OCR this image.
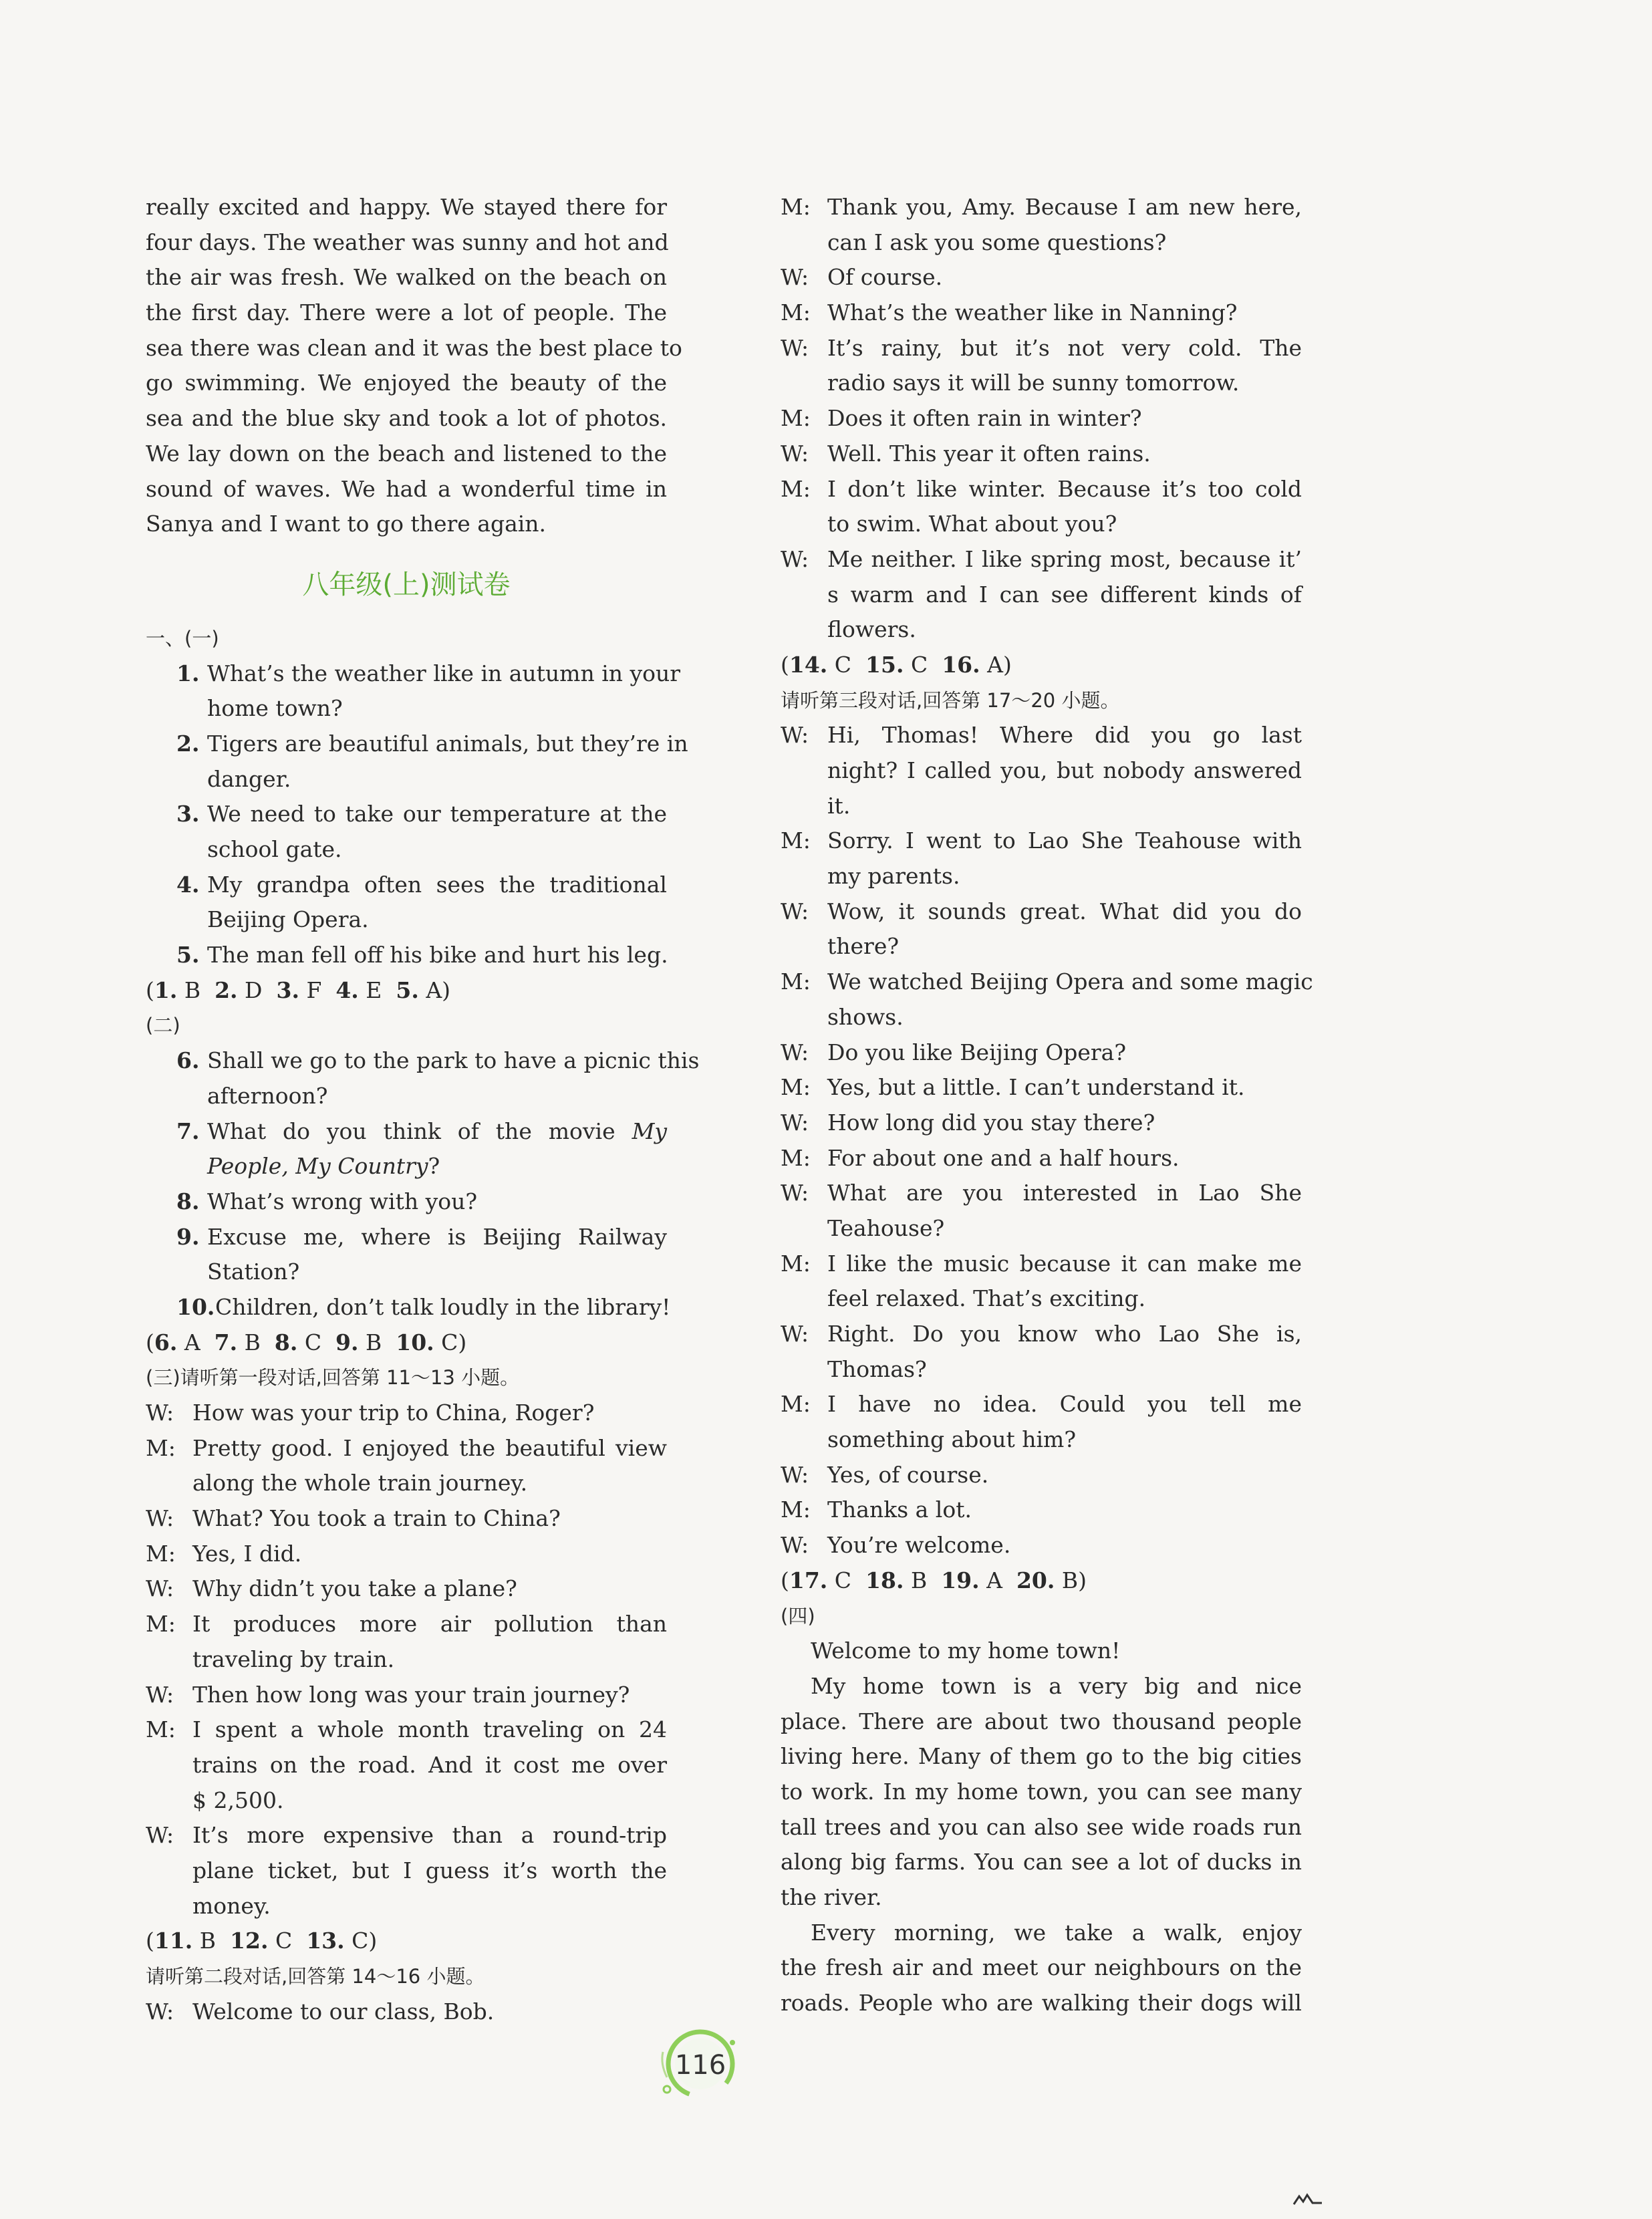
really excited and happy. We stayed there for
four days. The weather was sunny and hot and
the air was fresh. We walked on the beach on
the first day. There were a lot of people. The
sea there was clean and it was the best place to
go swimming. We enjoyed the beauty of the
sea and the blue sky and took a lot of photos.
We lay down on the beach and listened to the
sound of waves. We had a wonderful time in
Sanya and I want to go there again.
八年级(上)测试卷
一、(一)
1. What’s the weather like in autumn in your
home town?
2. Tigers are beautiful animals, but they’re in
danger.
3. We need to take our temperature at the
school gate.
4. My grandpa often sees the traditional
Beijing Opera.
5. The man fell off his bike and hurt his leg.
(1. B 2. D 3. F 4. E 5. A)
(二)
6. Shall we go to the park to have a picnic this
afternoon?
7. What do you think of the movie My
People, My Country?
8. What’s wrong with you?
9. Excuse me, where is Beijing Railway
Station?
10.Children, don’t talk loudly in the library!
(6. A 7. B 8. C 9. B 10. C)
(三)请听第一段对话,回答第 11～13 小题。
W: How was your trip to China, Roger?
M: Pretty good. I enjoyed the beautiful view
along the whole train journey.
W: What? You took a train to China?
M: Yes, I did.
W: Why didn’t you take a plane?
M: It produces more air pollution than
traveling by train.
W: Then how long was your train journey?
M: I spent a whole month traveling on 24
trains on the road. And it cost me over
$ 2,500.
W: It’s more expensive than a round-trip
plane ticket, but I guess it’s worth the
money.
(11. B 12. C 13. C)
请听第二段对话,回答第 14～16 小题。
W: Welcome to our class, Bob.
M: Thank you, Amy. Because I am new here,
can I ask you some questions?
W: Of course.
M: What’s the weather like in Nanning?
W: It’s rainy, but it’s not very cold. The
radio says it will be sunny tomorrow.
M: Does it often rain in winter?
W: Well. This year it often rains.
M: I don’t like winter. Because it’s too cold
to swim. What about you?
W: Me neither. I like spring most, because it’
s warm and I can see different kinds of
flowers.
(14. C 15. C 16. A)
请听第三段对话,回答第 17～20 小题。
W: Hi, Thomas! Where did you go last
night? I called you, but nobody answered
it.
M: Sorry. I went to Lao She Teahouse with
my parents.
W: Wow, it sounds great. What did you do
there?
M: We watched Beijing Opera and some magic
shows.
W: Do you like Beijing Opera?
M: Yes, but a little. I can’t understand it.
W: How long did you stay there?
M: For about one and a half hours.
W: What are you interested in Lao She
Teahouse?
M: I like the music because it can make me
feel relaxed. That’s exciting.
W: Right. Do you know who Lao She is,
Thomas?
M: I have no idea. Could you tell me
something about him?
W: Yes, of course.
M: Thanks a lot.
W: You’re welcome.
(17. C 18. B 19. A 20. B)
(四)
Welcome to my home town!
My home town is a very big and nice
place. There are about two thousand people
living here. Many of them go to the big cities
to work. In my home town, you can see many
tall trees and you can also see wide roads run
along big farms. You can see a lot of ducks in
the river.
Every morning, we take a walk, enjoy
the fresh air and meet our neighbours on the
roads. People who are walking their dogs will
116
